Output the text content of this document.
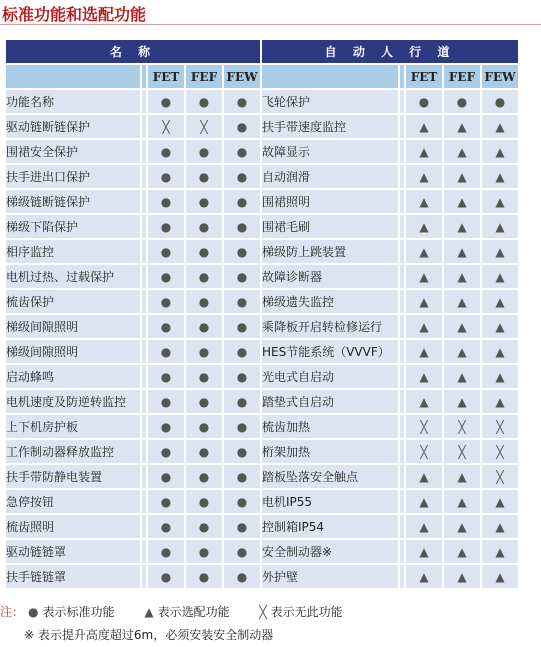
标准功能和选配功能
名 称					自 动 人 行 道				
		FET	FEF	FEW			FET	FEF	FEW
功能名称		●	●	●	飞轮保护		●	●	●
驱动链断链保护		╳	╳	●	扶手带速度监控		▲	▲	▲
围裙安全保护		●	●	●	故障显示		▲	▲	▲
扶手进出口保护		●	●	●	自动润滑		▲	▲	▲
梯级链断链保护		●	●	●	围裙照明		▲	▲	▲
梯级下陷保护		●	●	●	围裙毛刷		▲	▲	▲
相序监控		●	●	●	梯级防上跳装置		▲	▲	▲
电机过热、过载保护		●	●	●	故障诊断器		▲	▲	▲
梳齿保护		●	●	●	梯级遗失监控		▲	▲	▲
梯级间隙照明		●	●	●	乘降板开启转检修运行		▲	▲	▲
梯级间隙照明		●	●	●	HES节能系统（VVVF）		▲	▲	▲
启动蜂鸣		●	●	●	光电式自启动		▲	▲	▲
电机速度及防逆转监控		●	●	●	踏垫式自启动		▲	▲	▲
上下机房护板		●	●	●	梳齿加热		╳	╳	╳
工作制动器释放监控		●	●	●	桁架加热		╳	╳	╳
扶手带防静电装置		●	●	●	踏板坠落安全触点		▲	▲	╳
急停按钮		●	●	●	电机IP55		▲	▲	▲
梳齿照明		●	●	●	控制箱IP54		▲	▲	▲
驱动链链罩		●	●	●	安全制动器※		▲	▲	▲
扶手链链罩		●	●	●	外护壁		▲	▲	▲
注： ● 表示标准功能 ▲ 表示选配功能 ╳ 表示无此功能
※ 表示提升高度超过6m，必须安装安全制动器
